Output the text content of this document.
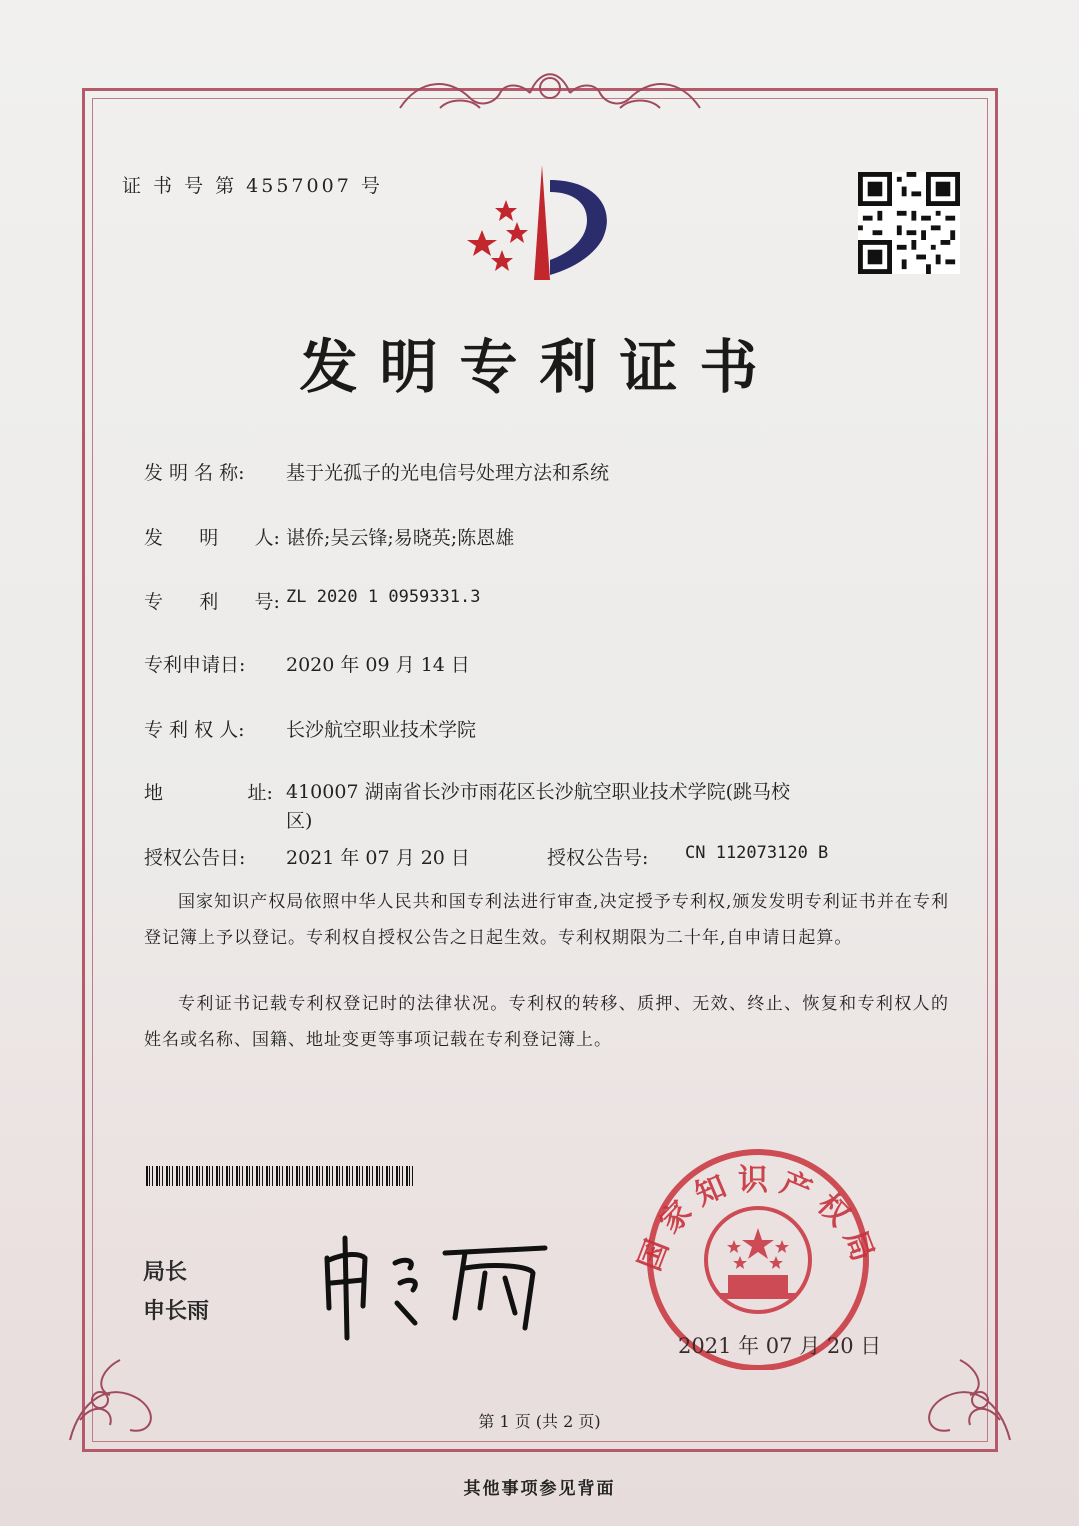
证 书 号 第 4557007 号
发明专利证书
发 明 名 称:	基于光孤子的光电信号处理方法和系统
发      明      人: 谌侨;吴云锋;易晓英;陈恩雄
专      利      号: ZL 2020 1 0959331.3
专利申请日:	2020 年 09 月 14 日
专 利 权 人:	长沙航空职业技术学院
地              址: 410007 湖南省长沙市雨花区长沙航空职业技术学院(跳马校区)
授权公告日:	2021 年 07 月 20 日	授权公告号:	CN 112073120 B
国家知识产权局依照中华人民共和国专利法进行审查,决定授予专利权,颁发发明专利证书并在专利登记簿上予以登记。专利权自授权公告之日起生效。专利权期限为二十年,自申请日起算。
专利证书记载专利权登记时的法律状况。专利权的转移、质押、无效、终止、恢复和专利权人的姓名或名称、国籍、地址变更等事项记载在专利登记簿上。
局长
申长雨
国家知识产权局
2021 年 07 月 20 日
第 1 页 (共 2 页)
其他事项参见背面
